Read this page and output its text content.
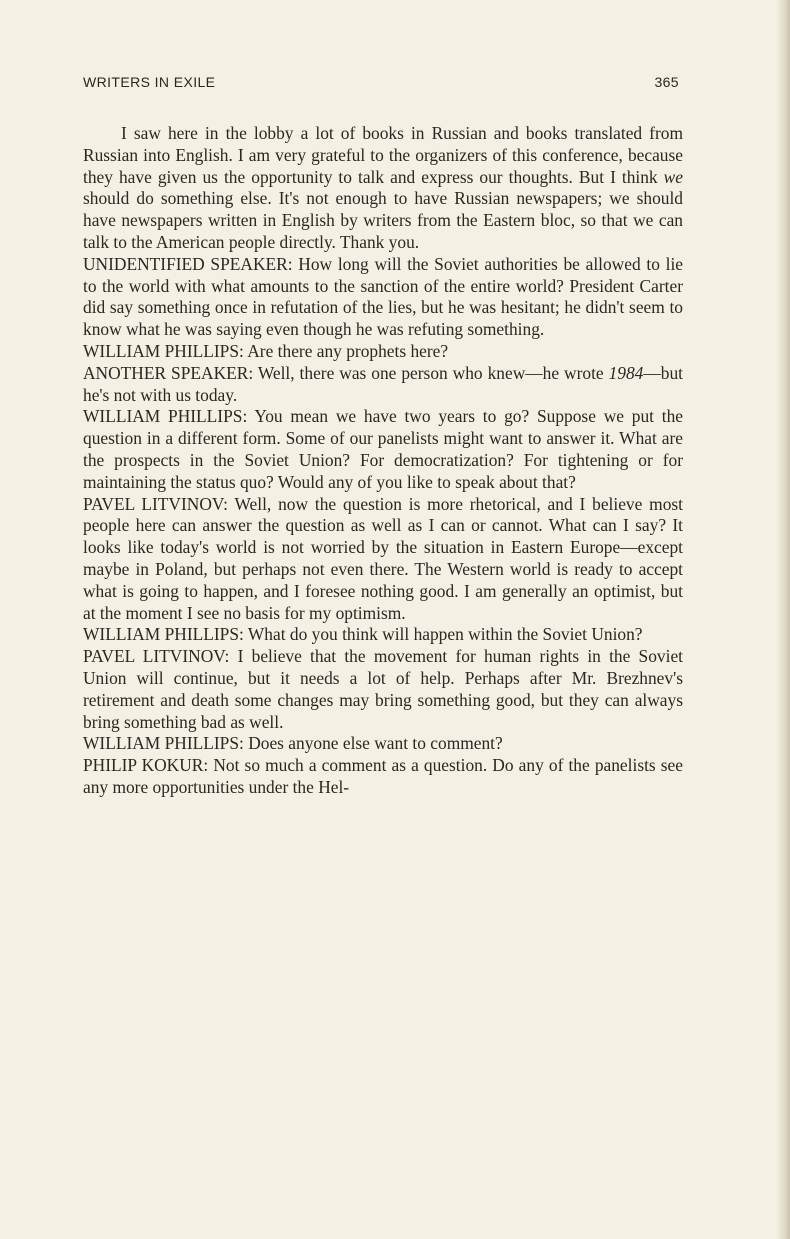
WRITERS IN EXILE	365

I saw here in the lobby a lot of books in Russian and books translated from Russian into English. I am very grateful to the organizers of this conference, because they have given us the opportunity to talk and express our thoughts. But I think we should do something else. It's not enough to have Russian newspapers; we should have newspapers written in English by writers from the Eastern bloc, so that we can talk to the American people directly. Thank you.

UNIDENTIFIED SPEAKER: How long will the Soviet authorities be allowed to lie to the world with what amounts to the sanction of the entire world? President Carter did say something once in refutation of the lies, but he was hesitant; he didn't seem to know what he was saying even though he was refuting something.

WILLIAM PHILLIPS: Are there any prophets here?

ANOTHER SPEAKER: Well, there was one person who knew—he wrote 1984—but he's not with us today.

WILLIAM PHILLIPS: You mean we have two years to go? Suppose we put the question in a different form. Some of our panelists might want to answer it. What are the prospects in the Soviet Union? For democratization? For tightening or for maintaining the status quo? Would any of you like to speak about that?

PAVEL LITVINOV: Well, now the question is more rhetorical, and I believe most people here can answer the question as well as I can or cannot. What can I say? It looks like today's world is not worried by the situation in Eastern Europe—except maybe in Poland, but perhaps not even there. The Western world is ready to accept what is going to happen, and I foresee nothing good. I am generally an optimist, but at the moment I see no basis for my optimism.

WILLIAM PHILLIPS: What do you think will happen within the Soviet Union?

PAVEL LITVINOV: I believe that the movement for human rights in the Soviet Union will continue, but it needs a lot of help. Perhaps after Mr. Brezhnev's retirement and death some changes may bring something good, but they can always bring something bad as well.

WILLIAM PHILLIPS: Does anyone else want to comment?

PHILIP KOKUR: Not so much a comment as a question. Do any of the panelists see any more opportunities under the Hel-
